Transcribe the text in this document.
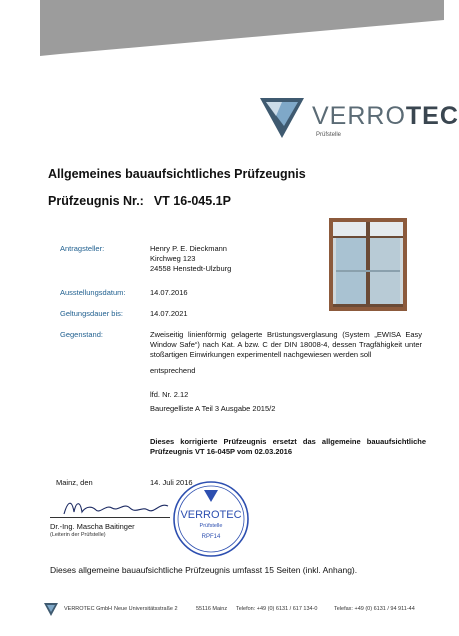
VERROTEC
Prüfstelle
Allgemeines bauaufsichtliches Prüfzeugnis
Prüfzeugnis Nr.: VT 16-045.1P
Antragsteller:	Henry P. E. Dieckmann
Kirchweg 123
24558 Henstedt-Ulzburg
Ausstellungsdatum:	14.07.2016
Geltungsdauer bis:	14.07.2021
Gegenstand:	Zweiseitig linienförmig gelagerte Brüstungsverglasung (System „EWISA Easy Window Safe“) nach Kat. A bzw. C der DIN 18008-4, dessen Tragfähigkeit unter stoßartigen Einwirkungen experimentell nachgewiesen werden soll
entsprechend
lfd. Nr. 2.12
Bauregelliste A Teil 3 Ausgabe 2015/2
Dieses korrigierte Prüfzeugnis ersetzt das allgemeine bauaufsichtliche Prüfzeugnis VT 16-045P vom 02.03.2016
Mainz, den	14. Juli 2016
Dr.-Ing. Mascha Baitinger
(Leiterin der Prüfstelle)
VERROTEC
Prüfstelle
RPF14
Dieses allgemeine bauaufsichtliche Prüfzeugnis umfasst 15 Seiten (inkl. Anhang).
VERROTEC GmbH Neue Universitätsstraße 2	55116 Mainz Telefon: +49 (0) 6131 / 617 134-0	Telefax: +49 (0) 6131 / 94 911-44
